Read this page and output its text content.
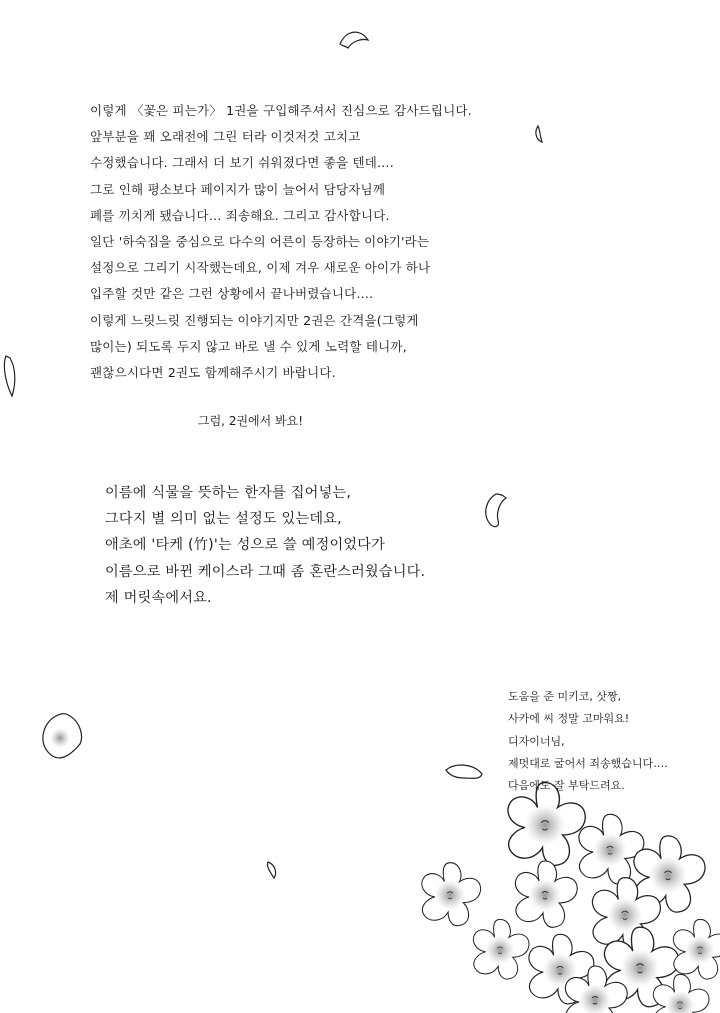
이렇게 〈꽃은 피는가〉 1권을 구입해주셔서 진심으로 감사드립니다.
앞부분을 꽤 오래전에 그린 터라 이것저것 고치고
수정했습니다. 그래서 더 보기 쉬워졌다면 좋을 텐데….
그로 인해 평소보다 페이지가 많이 늘어서 담당자님께
폐를 끼치게 됐습니다… 죄송해요. 그리고 감사합니다.
일단 '하숙집을 중심으로 다수의 어른이 등장하는 이야기'라는
설정으로 그리기 시작했는데요, 이제 겨우 새로운 아이가 하나
입주할 것만 같은 그런 상황에서 끝나버렸습니다….
이렇게 느릿느릿 진행되는 이야기지만 2권은 간격을(그렇게
많이는) 되도록 두지 않고 바로 낼 수 있게 노력할 테니까,
괜찮으시다면 2권도 함께해주시기 바랍니다.
그럼, 2권에서 봐요!
이름에 식물을 뜻하는 한자를 집어넣는,
그다지 별 의미 없는 설정도 있는데요,
애초에 '타케 (竹)'는 성으로 쓸 예정이었다가
이름으로 바뀐 케이스라 그때 좀 혼란스러웠습니다.
제 머릿속에서요.
도움을 준 미키코, 삿짱,
사카에 씨 정말 고마워요!
디자이너님,
제멋대로 굴어서 죄송했습니다….
다음에도 잘 부탁드려요.
